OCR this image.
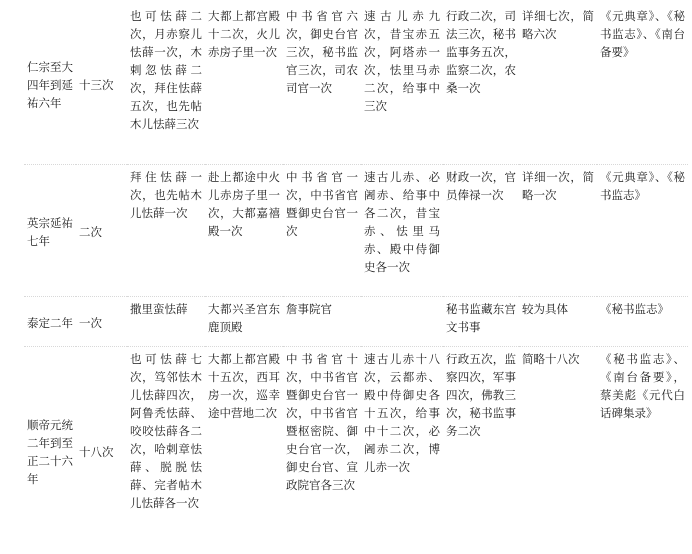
仁宗至大四年到延祐六年	十三次	也可怯薛二次，月赤察儿怯薛一次，木剌忽怯薛二次，拜住怯薛五次，也先帖木儿怯薛三次	大都上都宫殿十二次，火儿赤房子里一次	中书省官六次，御史台官三次，秘书监官三次，司农司官一次	速古儿赤九次，昔宝赤五次，阿塔赤一次，怯里马赤二次，给事中三次	行政二次，司法三次，秘书监事务五次，监察二次，农桑一次	详细七次，简略六次	《元典章》、《秘书监志》、《南台备要》
英宗延祐七年	二次	拜住怯薛一次，也先帖木儿怯薛一次	赴上都途中火儿赤房子里一次，大都嘉禧殿一次	中书省官一次，中书省官暨御史台官一次	速古儿赤、必阇赤、给事中各二次，昔宝赤、怯里马赤、殿中侍御史各一次	财政一次，官员俸禄一次	详细一次，简略一次	《元典章》、《秘书监志》
泰定二年	一次	撒里蛮怯薛	大都兴圣宫东鹿顶殿	詹事院官		秘书监藏东宫文书事	较为具体	《秘书监志》
顺帝元统二年到至正二十六年	十八次	也可怯薛七次，笃邻怯木儿怯薛四次，阿鲁秃怯薛、咬咬怯薛各二次，哈剌章怯薛、脱脱怯薛、完者帖木儿怯薛各一次	大都上都宫殿十五次，西耳房一次，巡幸途中营地二次	中书省官十次，中书省官暨御史台官一次，中书省官暨枢密院、御史台官一次，御史台官、宣政院官各三次	速古儿赤十八次，云都赤、殿中侍御史各十五次，给事中十二次，必阇赤二次，博儿赤一次	行政五次，监察四次，军事四次，佛教三次，秘书监事务二次	简略十八次	《秘书监志》、《南台备要》，蔡美彪《元代白话碑集录》
